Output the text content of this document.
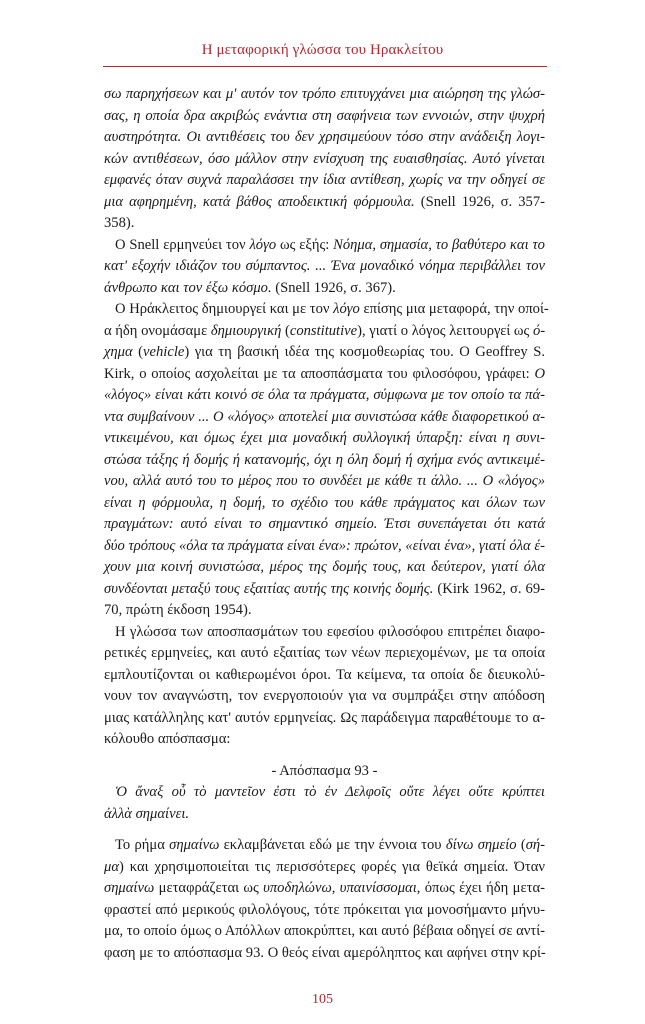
Η μεταφορική γλώσσα του Ηρακλείτου
σω παρηχήσεων και μ' αυτόν τον τρόπο επιτυγχάνει μια αιώρηση της γλώσ-
σας, η οποία δρα ακριβώς ενάντια στη σαφήνεια των εννοιών, στην ψυχρή
αυστηρότητα. Οι αντιθέσεις του δεν χρησιμεύουν τόσο στην ανάδειξη λογι-
κών αντιθέσεων, όσο μάλλον στην ενίσχυση της ευαισθησίας. Αυτό γίνεται
εμφανές όταν συχνά παραλάσσει την ίδια αντίθεση, χωρίς να την οδηγεί σε
μια αφηρημένη, κατά βάθος αποδεικτική φόρμουλα. (Snell 1926, σ. 357-
358).
Ο Snell ερμηνεύει τον λόγο ως εξής: Νόημα, σημασία, το βαθύτερο και το
κατ' εξοχήν ιδιάζον του σύμπαντος. ... Ένα μοναδικό νόημα περιβάλλει τον
άνθρωπο και τον έξω κόσμο. (Snell 1926, σ. 367).
Ο Ηράκλειτος δημιουργεί και με τον λόγο επίσης μια μεταφορά, την οποί-
α ήδη ονομάσαμε δημιουργική (constitutive), γιατί ο λόγος λειτουργεί ως ό-
χημα (vehicle) για τη βασική ιδέα της κοσμοθεωρίας του. Ο Geoffrey S.
Kirk, ο οποίος ασχολείται με τα αποσπάσματα του φιλοσόφου, γράφει: Ο
«λόγος» είναι κάτι κοινό σε όλα τα πράγματα, σύμφωνα με τον οποίο τα πά-
ντα συμβαίνουν ... Ο «λόγος» αποτελεί μια συνιστώσα κάθε διαφορετικού α-
ντικειμένου, και όμως έχει μια μοναδική συλλογική ύπαρξη: είναι η συνι-
στώσα τάξης ή δομής ή κατανομής, όχι η όλη δομή ή σχήμα ενός αντικειμέ-
νου, αλλά αυτό του το μέρος που το συνδέει με κάθε τι άλλο. ... Ο «λόγος»
είναι η φόρμουλα, η δομή, το σχέδιο του κάθε πράγματος και όλων των
πραγμάτων: αυτό είναι το σημαντικό σημείο. Έτσι συνεπάγεται ότι κατά
δύο τρόπους «όλα τα πράγματα είναι ένα»: πρώτον, «είναι ένα», γιατί όλα έ-
χουν μια κοινή συνιστώσα, μέρος της δομής τους, και δεύτερον, γιατί όλα
συνδέονται μεταξύ τους εξαιτίας αυτής της κοινής δομής. (Kirk 1962, σ. 69-
70, πρώτη έκδοση 1954).
Η γλώσσα των αποσπασμάτων του εφεσίου φιλοσόφου επιτρέπει διαφο-
ρετικές ερμηνείες, και αυτό εξαιτίας των νέων περιεχομένων, με τα οποία
εμπλουτίζονται οι καθιερωμένοι όροι. Τα κείμενα, τα οποία δε διευκολύ-
νουν τον αναγνώστη, τον ενεργοποιούν για να συμπράξει στην απόδοση
μιας κατάλληλης κατ' αυτόν ερμηνείας. Ως παράδειγμα παραθέτουμε το α-
κόλουθο απόσπασμα:
- Απόσπασμα 93 -
Ὁ ἄναξ οὗ τὸ μαντεῖον ἐστι τὸ ἐν Δελφοῖς οὔτε λέγει οὔτε κρύπτει
ἀλλὰ σημαίνει.
Το ρήμα σημαίνω εκλαμβάνεται εδώ με την έννοια του δίνω σημείο (σή-
μα) και χρησιμοποιείται τις περισσότερες φορές για θεϊκά σημεία. Όταν
σημαίνω μεταφράζεται ως υποδηλώνω, υπαινίσσομαι, όπως έχει ήδη μετα-
φραστεί από μερικούς φιλολόγους, τότε πρόκειται για μονοσήμαντο μήνυ-
μα, το οποίο όμως ο Απόλλων αποκρύπτει, και αυτό βέβαια οδηγεί σε αντί-
φαση με το απόσπασμα 93. Ο θεός είναι αμερόληπτος και αφήνει στην κρί-
105
